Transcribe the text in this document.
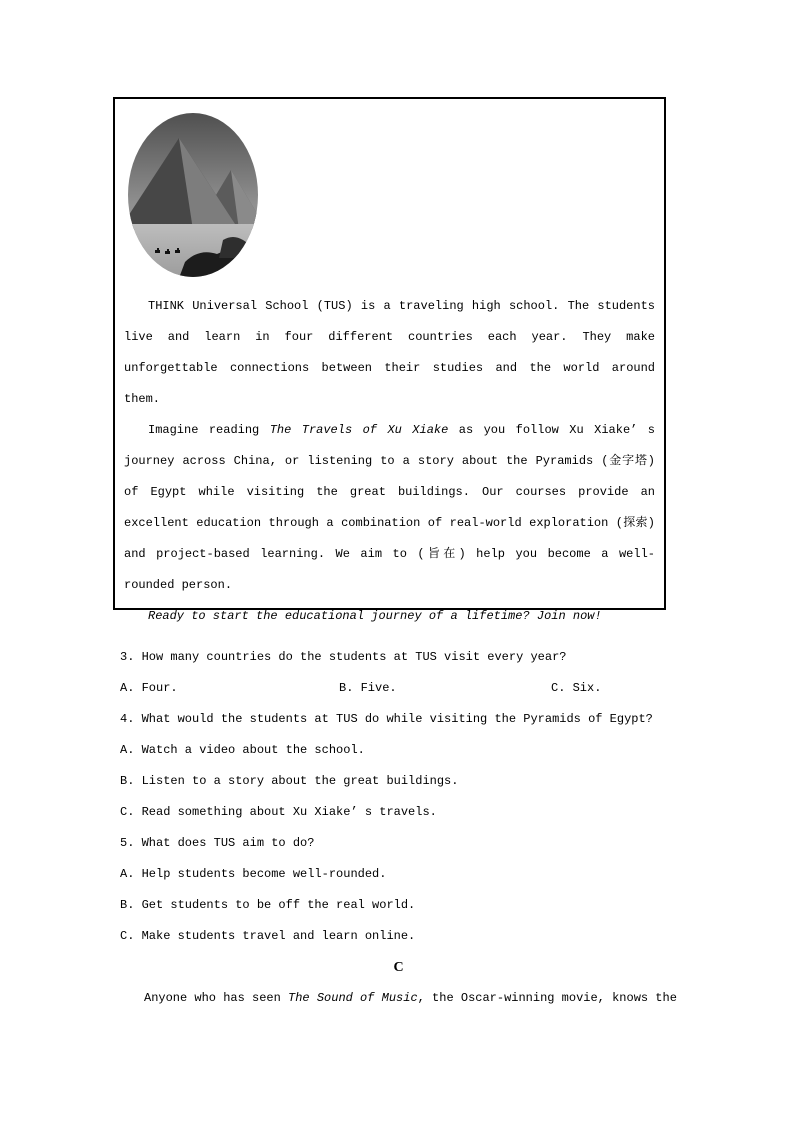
THINK Universal School (TUS) is a traveling high school. The students live and learn in four different countries each year. They make unforgettable connections between their studies and the world around them.

Imagine reading The Travels of Xu Xiake as you follow Xu Xiake’ s journey across China, or listening to a story about the Pyramids (金字塔) of Egypt while visiting the great buildings. Our courses provide an excellent education through a combination of real-world exploration (探索) and project-based learning. We aim to (旨在) help you become a well-rounded person.

Ready to start the educational journey of a lifetime? Join now!

3. How many countries do the students at TUS visit every year?

A. Four.	B. Five.	C. Six.

4. What would the students at TUS do while visiting the Pyramids of Egypt?

A. Watch a video about the school.

B. Listen to a story about the great buildings.

C. Read something about Xu Xiake’ s travels.

5. What does TUS aim to do?

A. Help students become well-rounded.

B. Get students to be off the real world.

C. Make students travel and learn online.

C

Anyone who has seen The Sound of Music, the Oscar-winning movie, knows the
